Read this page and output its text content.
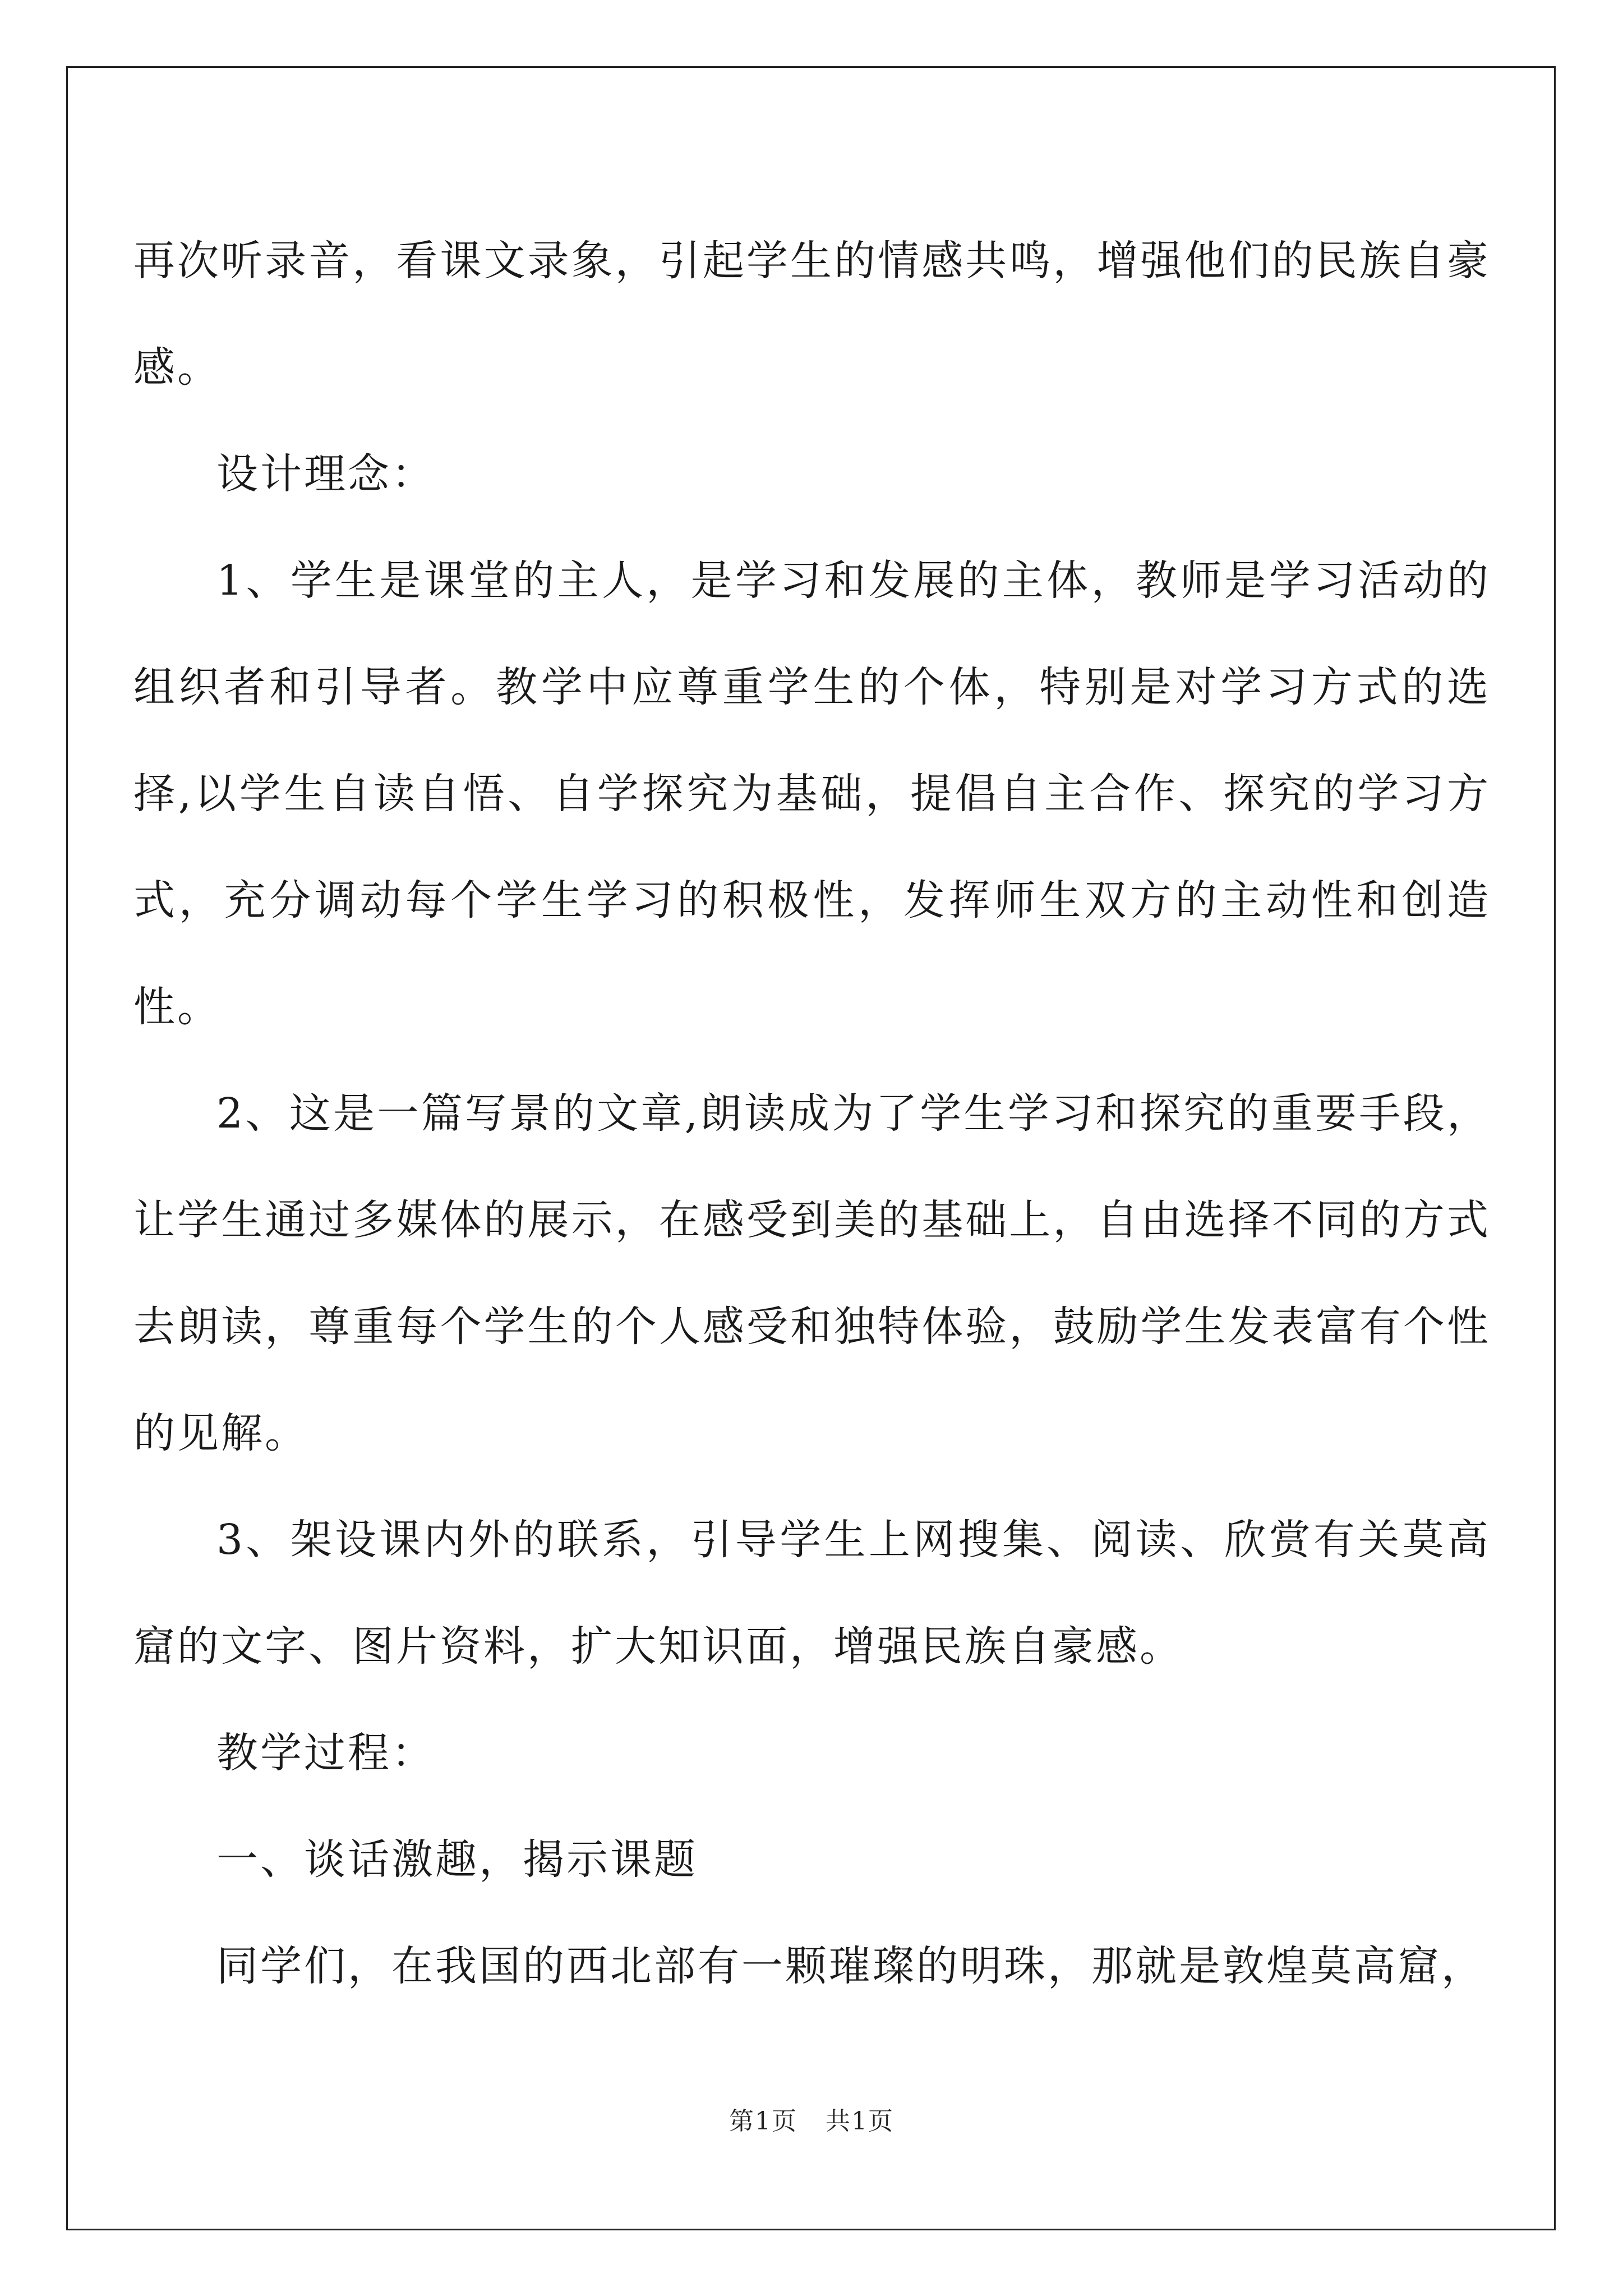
再次听录音，看课文录象，引起学生的情感共鸣，增强他们的民族自豪感。

设计理念：

1、学生是课堂的主人，是学习和发展的主体，教师是学习活动的组织者和引导者。教学中应尊重学生的个体，特别是对学习方式的选择,以学生自读自悟、自学探究为基础，提倡自主合作、探究的学习方式，充分调动每个学生学习的积极性，发挥师生双方的主动性和创造性。

2、这是一篇写景的文章,朗读成为了学生学习和探究的重要手段，让学生通过多媒体的展示，在感受到美的基础上，自由选择不同的方式去朗读，尊重每个学生的个人感受和独特体验，鼓励学生发表富有个性的见解。

3、架设课内外的联系，引导学生上网搜集、阅读、欣赏有关莫高窟的文字、图片资料，扩大知识面，增强民族自豪感。

教学过程：

一、谈话激趣，揭示课题

同学们，在我国的西北部有一颗璀璨的明珠，那就是敦煌莫高窟，

第1页 共1页
